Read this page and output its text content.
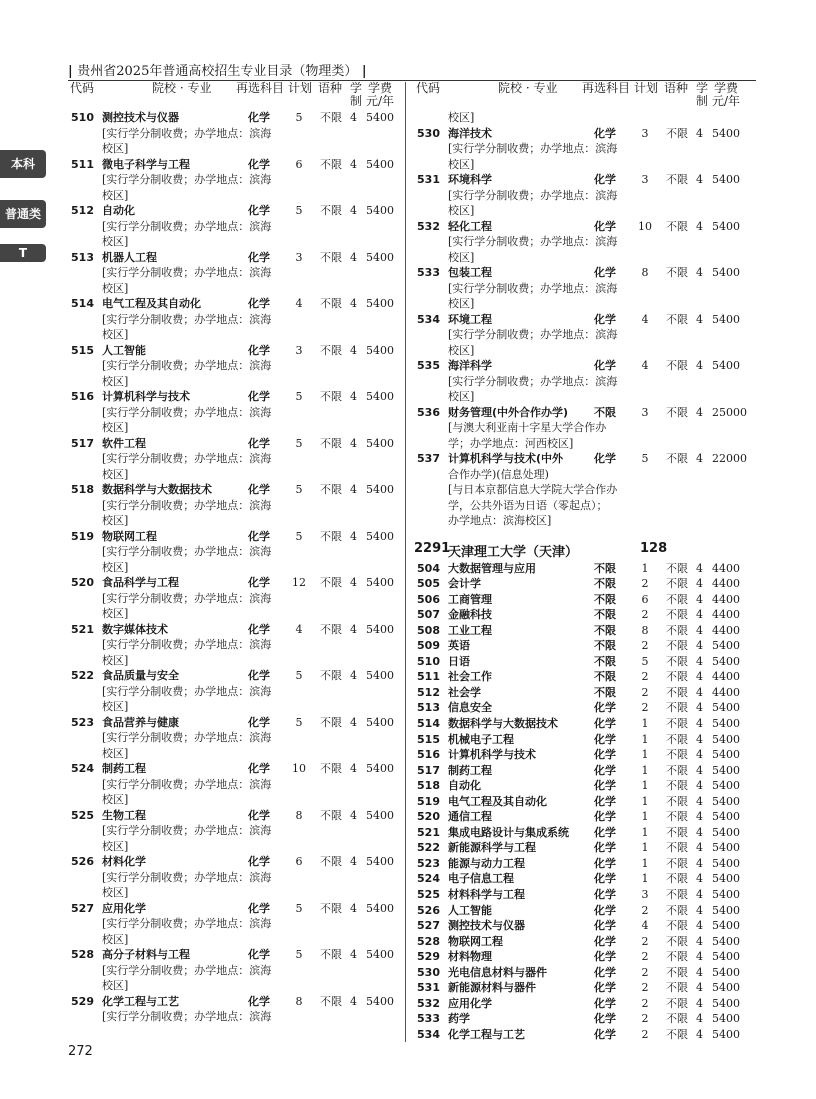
| 贵州省2025年普通高校招生专业目录（物理类） |
本科
普通类
T
代码	院校 · 专业 再选科目 计划 语种 学
制
学费
元/年
510 测控技术与仪器	化学	5	不限 4 5400
[实行学分制收费；办学地点：滨海
校区]
511 微电子科学与工程	化学	6	不限 4 5400
[实行学分制收费；办学地点：滨海
校区]
512 自动化	化学	5	不限 4 5400
[实行学分制收费；办学地点：滨海
校区]
513 机器人工程	化学	3	不限 4 5400
[实行学分制收费；办学地点：滨海
校区]
514 电气工程及其自动化	化学	4	不限 4 5400
[实行学分制收费；办学地点：滨海
校区]
515 人工智能	化学	3	不限 4 5400
[实行学分制收费；办学地点：滨海
校区]
516 计算机科学与技术	化学	5	不限 4 5400
[实行学分制收费；办学地点：滨海
校区]
517 软件工程	化学	5	不限 4 5400
[实行学分制收费；办学地点：滨海
校区]
518 数据科学与大数据技术	化学	5	不限 4 5400
[实行学分制收费；办学地点：滨海
校区]
519 物联网工程	化学	5	不限 4 5400
[实行学分制收费；办学地点：滨海
校区]
520 食品科学与工程	化学 12 不限 4 5400
[实行学分制收费；办学地点：滨海
校区]
521 数字媒体技术	化学	4	不限 4 5400
[实行学分制收费；办学地点：滨海
校区]
522 食品质量与安全	化学	5	不限 4 5400
[实行学分制收费；办学地点：滨海
校区]
523 食品营养与健康	化学	5	不限 4 5400
[实行学分制收费；办学地点：滨海
校区]
524 制药工程	化学 10 不限 4 5400
[实行学分制收费；办学地点：滨海
校区]
525 生物工程	化学	8	不限 4 5400
[实行学分制收费；办学地点：滨海
校区]
526 材料化学	化学	6	不限 4 5400
[实行学分制收费；办学地点：滨海
校区]
527 应用化学	化学	5	不限 4 5400
[实行学分制收费；办学地点：滨海
校区]
528 高分子材料与工程	化学	5	不限 4 5400
[实行学分制收费；办学地点：滨海
校区]
529 化学工程与工艺	化学	8	不限 4 5400
[实行学分制收费；办学地点：滨海
代码	院校 · 专业 再选科目 计划 语种 学
制
学费
元/年
校区]
530 海洋技术	化学	3	不限 4 5400
[实行学分制收费；办学地点：滨海
校区]
531 环境科学	化学	3	不限 4 5400
[实行学分制收费；办学地点：滨海
校区]
532 轻化工程	化学 10 不限 4 5400
[实行学分制收费；办学地点：滨海
校区]
533 包装工程	化学	8	不限 4 5400
[实行学分制收费；办学地点：滨海
校区]
534 环境工程	化学	4	不限 4 5400
[实行学分制收费；办学地点：滨海
校区]
535 海洋科学	化学	4	不限 4 5400
[实行学分制收费；办学地点：滨海
校区]
536 财务管理(中外合作办学) 不限	3	不限 4 25000
[与澳大利亚南十字星大学合作办
学；办学地点：河西校区]
537 计算机科学与技术(中外	化学	5	不限 4 22000
合作办学)(信息处理)
[与日本京都信息大学院大学合作办
学，公共外语为日语（零起点）；
办学地点：滨海校区]
2291
天津理工大学（天津）	128
504 大数据管理与应用	不限	1	不限 4 4400
505 会计学	不限	2	不限 4 4400
506 工商管理	不限	6	不限 4 4400
507 金融科技	不限	2	不限 4 4400
508 工业工程	不限	8	不限 4 4400
509 英语	不限	2	不限 4 5400
510 日语	不限	5	不限 4 5400
511 社会工作	不限	2	不限 4 4400
512 社会学	不限	2	不限 4 4400
513 信息安全	化学	2	不限 4 5400
514 数据科学与大数据技术	化学	1	不限 4 5400
515 机械电子工程	化学	1	不限 4 5400
516 计算机科学与技术	化学	1	不限 4 5400
517 制药工程	化学	1	不限 4 5400
518 自动化	化学	1	不限 4 5400
519 电气工程及其自动化	化学	1	不限 4 5400
520 通信工程	化学	1	不限 4 5400
521 集成电路设计与集成系统 化学	1	不限 4 5400
522 新能源科学与工程	化学	1	不限 4 5400
523 能源与动力工程	化学	1	不限 4 5400
524 电子信息工程	化学	1	不限 4 5400
525 材料科学与工程	化学	3	不限 4 5400
526 人工智能	化学	2	不限 4 5400
527 测控技术与仪器	化学	4	不限 4 5400
528 物联网工程	化学	2	不限 4 5400
529 材料物理	化学	2	不限 4 5400
530 光电信息材料与器件	化学	2	不限 4 5400
531 新能源材料与器件	化学	2	不限 4 5400
532 应用化学	化学	2	不限 4 5400
533 药学	化学	2	不限 4 5400
534 化学工程与工艺	化学	2	不限 4 5400
272
